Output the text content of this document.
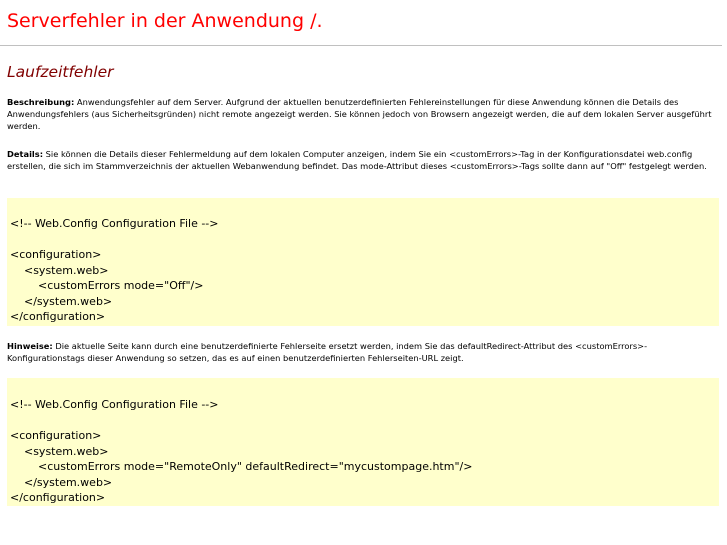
Serverfehler in der Anwendung /.
Laufzeitfehler

Beschreibung: Anwendungsfehler auf dem Server. Aufgrund der aktuellen benutzerdefinierten Fehlereinstellungen für diese Anwendung können die Details des Anwendungsfehlers (aus Sicherheitsgründen) nicht remote angezeigt werden. Sie können jedoch von Browsern angezeigt werden, die auf dem lokalen Server ausgeführt werden.

Details: Sie können die Details dieser Fehlermeldung auf dem lokalen Computer anzeigen, indem Sie ein <customErrors>-Tag in der Konfigurationsdatei web.config erstellen, die sich im Stammverzeichnis der aktuellen Webanwendung befindet. Das mode-Attribut dieses <customErrors>-Tags sollte dann auf "Off" festgelegt werden.

<!-- Web.Config Configuration File -->
<configuration>
<system.web>
<customErrors mode="Off"/>
</system.web>
</configuration>

Hinweise: Die aktuelle Seite kann durch eine benutzerdefinierte Fehlerseite ersetzt werden, indem Sie das defaultRedirect-Attribut des <customErrors>-Konfigurationstags dieser Anwendung so setzen, das es auf einen benutzerdefinierten Fehlerseiten-URL zeigt.

<!-- Web.Config Configuration File -->
<configuration>
<system.web>
<customErrors mode="RemoteOnly" defaultRedirect="mycustompage.htm"/>
</system.web>
</configuration>
